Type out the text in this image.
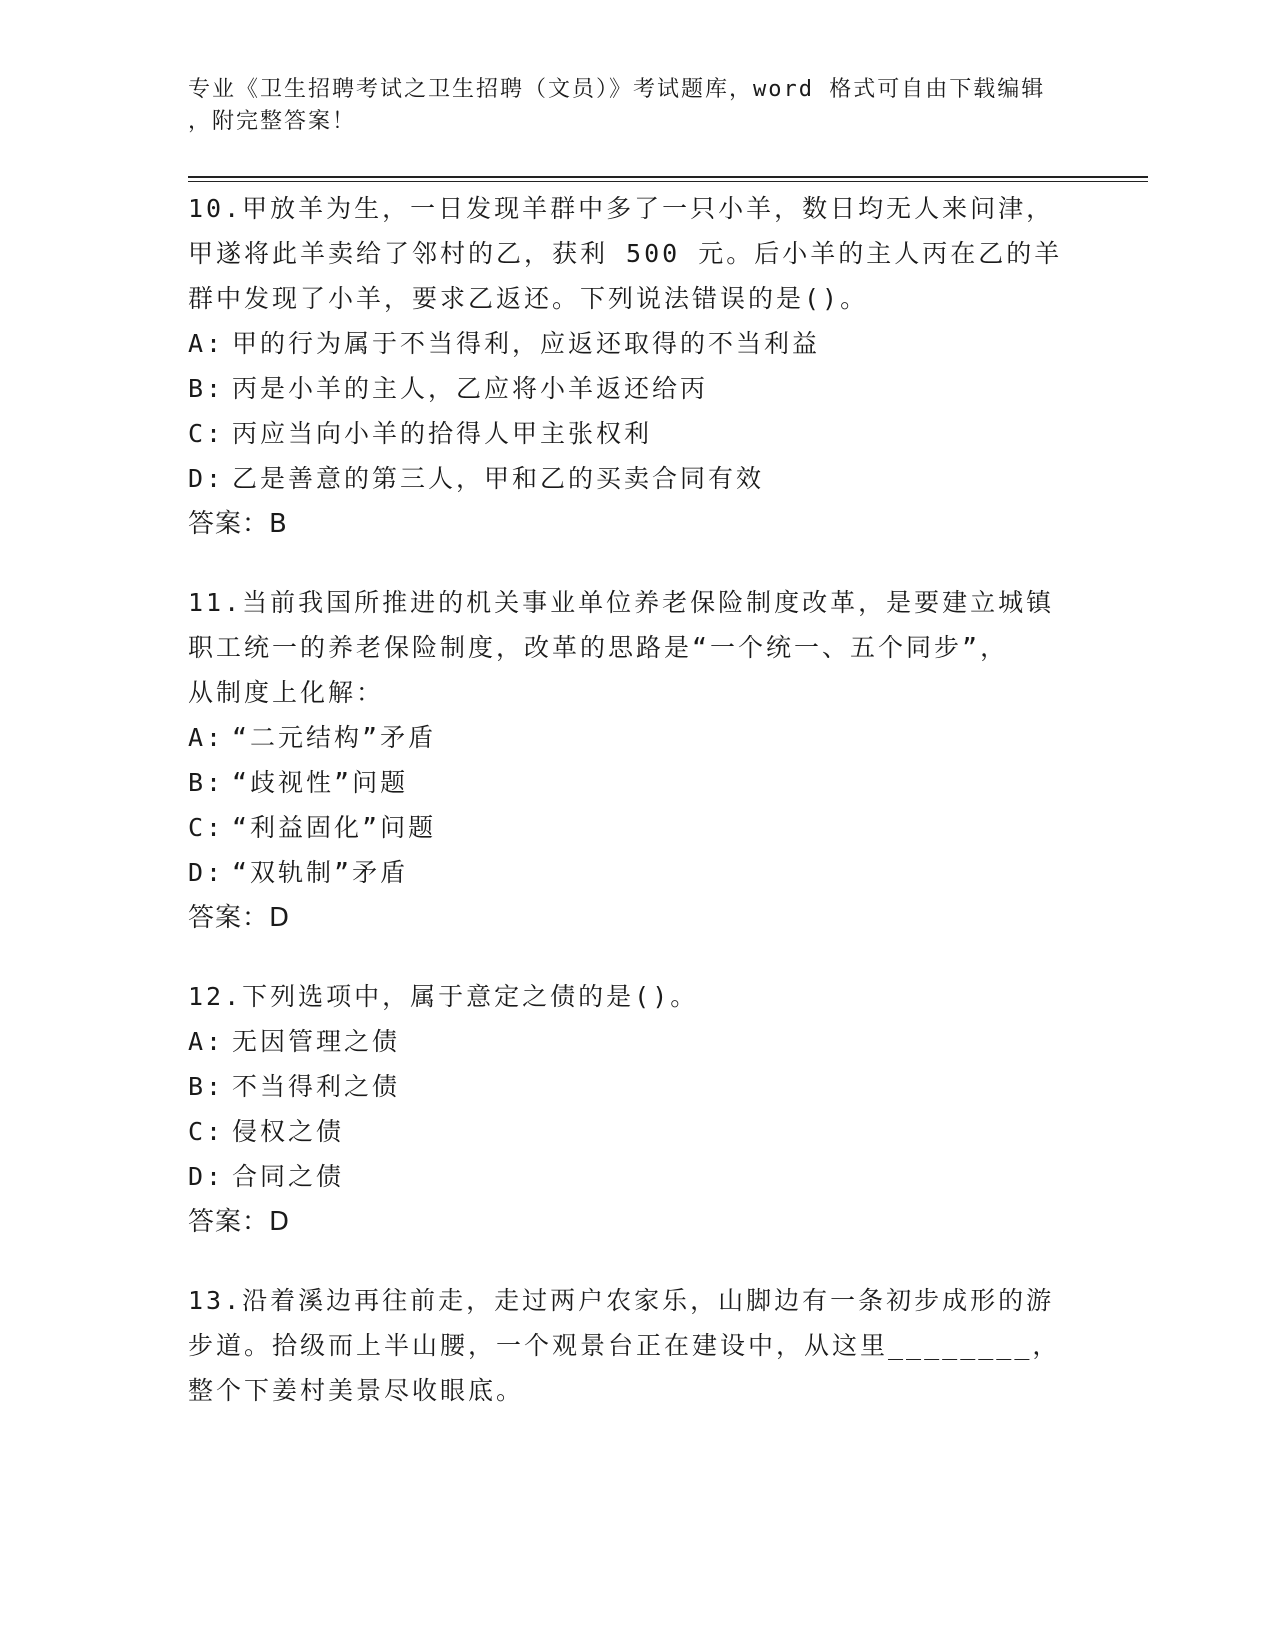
专业《卫生招聘考试之卫生招聘（文员）》考试题库，word 格式可自由下载编辑
，附完整答案！
10.甲放羊为生，一日发现羊群中多了一只小羊，数日均无人来问津，
甲遂将此羊卖给了邻村的乙，获利 500 元。后小羊的主人丙在乙的羊
群中发现了小羊，要求乙返还。下列说法错误的是()。
A: 甲的行为属于不当得利，应返还取得的不当利益
B: 丙是小羊的主人，乙应将小羊返还给丙
C: 丙应当向小羊的拾得人甲主张权利
D: 乙是善意的第三人，甲和乙的买卖合同有效
答案：B
11.当前我国所推进的机关事业单位养老保险制度改革，是要建立城镇
职工统一的养老保险制度，改革的思路是“一个统一、五个同步”，
从制度上化解：
A: “二元结构”矛盾
B: “歧视性”问题
C: “利益固化”问题
D: “双轨制”矛盾
答案：D
12.下列选项中，属于意定之债的是()。
A: 无因管理之债
B: 不当得利之债
C: 侵权之债
D: 合同之债
答案：D
13.沿着溪边再往前走，走过两户农家乐，山脚边有一条初步成形的游
步道。拾级而上半山腰，一个观景台正在建设中，从这里________，
整个下姜村美景尽收眼底。
